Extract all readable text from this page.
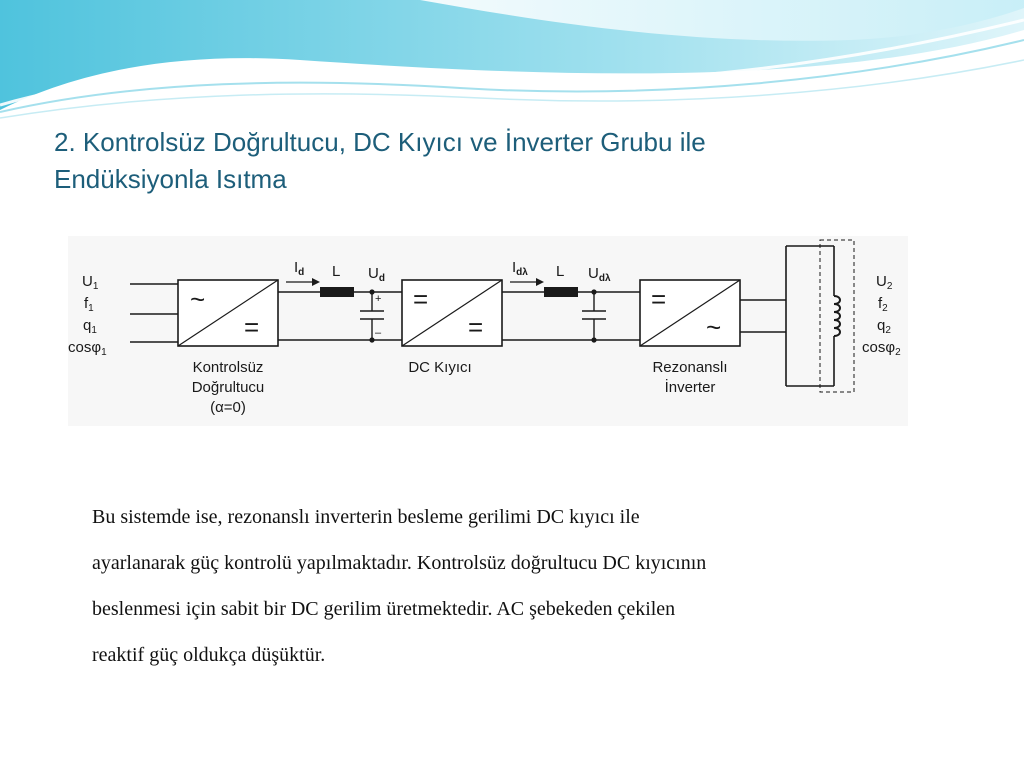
2. Kontrolsüz Doğrultucu, DC Kıyıcı ve İnverter Grubu ile
Endüksiyonla Isıtma
$U_1$
$f_1$
$q_1$
cosφ$_1$
~
=
Kontrolsüz
Doğrultucu
(α=0)
$I_d$ L $U_d$
+
–
=
=
DC Kıyıcı
$I_{d\lambda}$ L $U_{d\lambda}$
=
~
Rezonanslı
İnverter
$U_2$
$f_2$
$q_2$
cosφ$_2$

Bu sistemde ise, rezonanslı inverterin besleme gerilimi DC kıyıcı ile
ayarlanarak güç kontrolü yapılmaktadır. Kontrolsüz doğrultucu DC kıyıcının
beslenmesi için sabit bir DC gerilim üretmektedir. AC şebekeden çekilen
reaktif güç oldukça düşüktür.
